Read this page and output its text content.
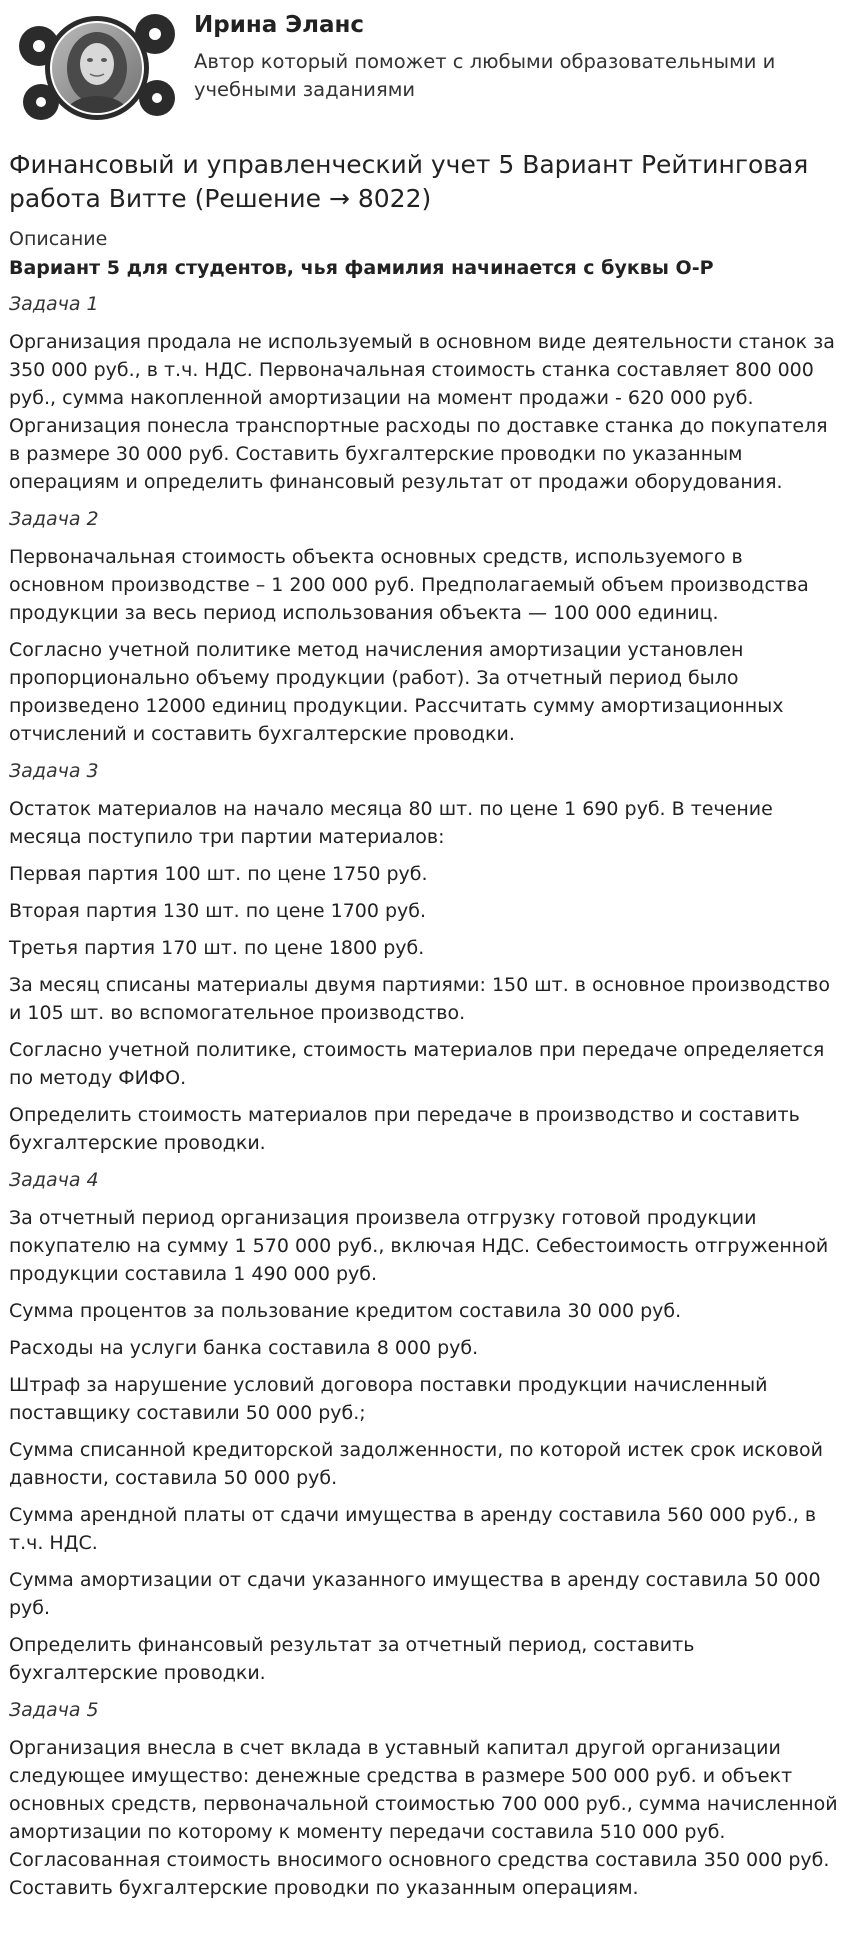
Ирина Эланс
Автор который поможет с любыми образовательными и учебными заданиями
Финансовый и управленческий учет 5 Вариант Рейтинговая работа Витте (Решение → 8022)
Описание
Вариант 5 для студентов, чья фамилия начинается с буквы О-Р
Задача 1
Организация продала не используемый в основном виде деятельности станок за 350 000 руб., в т.ч. НДС. Первоначальная стоимость станка составляет 800 000 руб., сумма накопленной амортизации на момент продажи - 620 000 руб. Организация понесла транспортные расходы по доставке станка до покупателя в размере 30 000 руб. Составить бухгалтерские проводки по указанным операциям и определить финансовый результат от продажи оборудования.
Задача 2
Первоначальная стоимость объекта основных средств, используемого в основном производстве – 1 200 000 руб. Предполагаемый объем производства продукции за весь период использования объекта — 100 000 единиц.
Согласно учетной политике метод начисления амортизации установлен пропорционально объему продукции (работ). За отчетный период было произведено 12000 единиц продукции. Рассчитать сумму амортизационных отчислений и составить бухгалтерские проводки.
Задача 3
Остаток материалов на начало месяца 80 шт. по цене 1 690 руб. В течение месяца поступило три партии материалов:
Первая партия 100 шт. по цене 1750 руб.
Вторая партия 130 шт. по цене 1700 руб.
Третья партия 170 шт. по цене 1800 руб.
За месяц списаны материалы двумя партиями: 150 шт. в основное производство и 105 шт. во вспомогательное производство.
Согласно учетной политике, стоимость материалов при передаче определяется по методу ФИФО.
Определить стоимость материалов при передаче в производство и составить бухгалтерские проводки.
Задача 4
За отчетный период организация произвела отгрузку готовой продукции покупателю на сумму 1 570 000 руб., включая НДС. Себестоимость отгруженной продукции составила 1 490 000 руб.
Сумма процентов за пользование кредитом составила 30 000 руб.
Расходы на услуги банка составила 8 000 руб.
Штраф за нарушение условий договора поставки продукции начисленный поставщику составили 50 000 руб.;
Сумма списанной кредиторской задолженности, по которой истек срок исковой давности, составила 50 000 руб.
Сумма арендной платы от сдачи имущества в аренду составила 560 000 руб., в т.ч. НДС.
Сумма амортизации от сдачи указанного имущества в аренду составила 50 000 руб.
Определить финансовый результат за отчетный период, составить бухгалтерские проводки.
Задача 5
Организация внесла в счет вклада в уставный капитал другой организации следующее имущество: денежные средства в размере 500 000 руб. и объект основных средств, первоначальной стоимостью 700 000 руб., сумма начисленной амортизации по которому к моменту передачи составила 510 000 руб. Согласованная стоимость вносимого основного средства составила 350 000 руб. Составить бухгалтерские проводки по указанным операциям.
